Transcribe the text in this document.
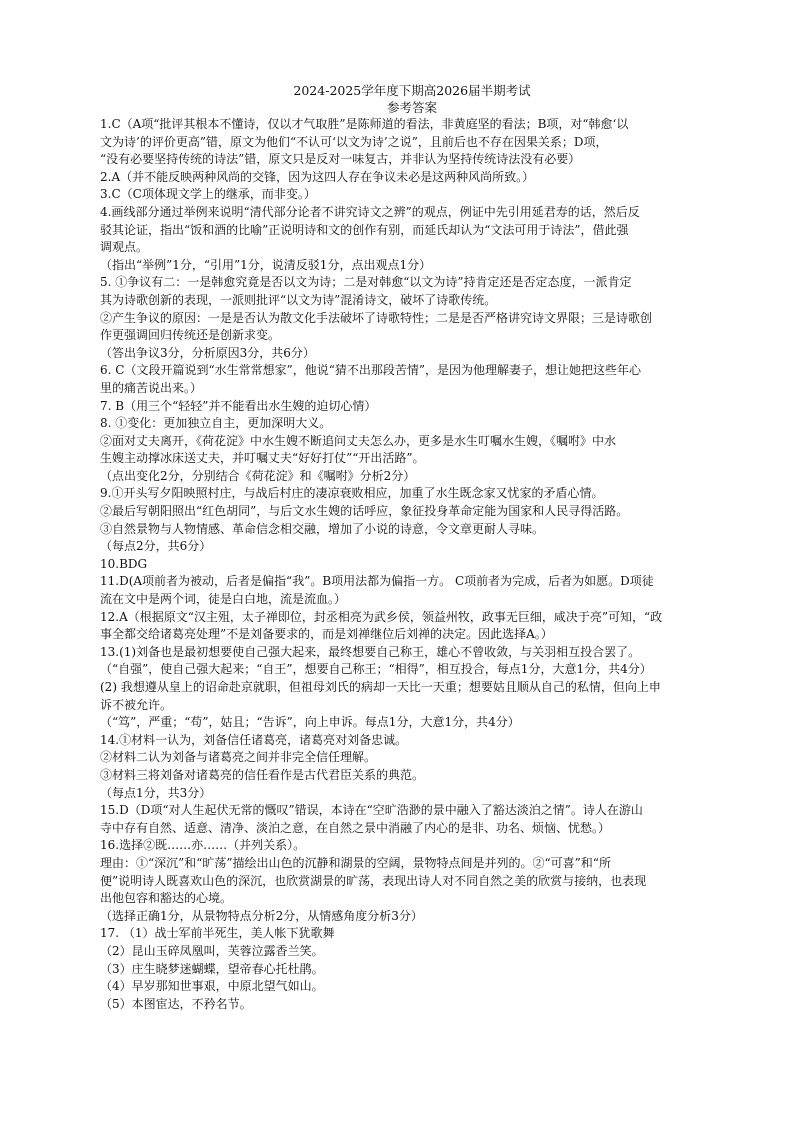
2024-2025学年度下期高2026届半期考试
参考答案
1.C（A项“批评其根本不懂诗，仅以才气取胜”是陈师道的看法，非黄庭坚的看法；B项，对“韩愈‘以
文为诗’的评价更高”错，原文为他们“不认可‘以文为诗’之说”，且前后也不存在因果关系；D项，
“没有必要坚持传统的诗法”错，原文只是反对一味复古，并非认为坚持传统诗法没有必要）
2.A（并不能反映两种风尚的交锋，因为这四人存在争议未必是这两种风尚所致。）
3.C（C项体现文学上的继承，而非变。）
4.画线部分通过举例来说明“清代部分论者不讲究诗文之辨”的观点，例证中先引用延君寿的话，然后反
驳其论证，指出“饭和酒的比喻”正说明诗和文的创作有别，而延氏却认为“文法可用于诗法”，借此强
调观点。
（指出“举例”1分，“引用”1分，说清反驳1分，点出观点1分）
5. ①争议有二：一是韩愈究竟是否以文为诗；二是对韩愈“以文为诗”持肯定还是否定态度，一派肯定
其为诗歌创新的表现，一派则批评“以文为诗”混淆诗文，破坏了诗歌传统。
②产生争议的原因：一是是否认为散文化手法破坏了诗歌特性；二是是否严格讲究诗文界限；三是诗歌创
作更强调回归传统还是创新求变。
（答出争议3分，分析原因3分，共6分）
6. C（文段开篇说到“水生常常想家”，他说“猜不出那段苦情”，是因为他理解妻子，想让她把这些年心
里的痛苦说出来。）
7. B（用三个“轻轻”并不能看出水生嫂的迫切心情）
8. ①变化：更加独立自主，更加深明大义。
②面对丈夫离开，《荷花淀》中水生嫂不断追问丈夫怎么办，更多是水生叮嘱水生嫂，《嘱咐》中水
生嫂主动撑冰床送丈夫，并叮嘱丈夫“好好打仗”“开出活路”。
（点出变化2分，分别结合《荷花淀》和《嘱咐》分析2分）
9.①开头写夕阳映照村庄，与战后村庄的凄凉衰败相应，加重了水生既念家又忧家的矛盾心情。
②最后写朝阳照出“红色胡同”，与后文水生嫂的话呼应，象征投身革命定能为国家和人民寻得活路。
③自然景物与人物情感、革命信念相交融，增加了小说的诗意，令文章更耐人寻味。
（每点2分，共6分）
10.BDG
11.D(A项前者为被动，后者是偏指“我”。B项用法都为偏指一方。 C项前者为完成，后者为如愿。D项徒
流在文中是两个词，徒是白白地，流是流血。）
12.A（根据原文“汉主殂，太子禅即位，封丞相亮为武乡侯，领益州牧，政事无巨细，咸决于亮”可知，“政
事全都交给诸葛亮处理”不是刘备要求的，而是刘禅继位后刘禅的决定。因此选择A。）
13.(1)刘备也是最初想要使自己强大起来，最终想要自己称王，雄心不曾收敛，与关羽相互投合罢了。
（“自强”，使自己强大起来；“自王”，想要自己称王；“相得”，相互投合，每点1分，大意1分，共4分）
(2) 我想遵从皇上的诏命赴京就职，但祖母刘氏的病却一天比一天重；想要姑且顺从自己的私情，但向上申
诉不被允许。
（“笃”，严重；“苟”，姑且；“告诉”，向上申诉。每点1分，大意1分，共4分）
14.①材料一认为，刘备信任诸葛亮，诸葛亮对刘备忠诚。
②材料二认为刘备与诸葛亮之间并非完全信任理解。
③材料三将刘备对诸葛亮的信任看作是古代君臣关系的典范。
（每点1分，共3分）
15.D（D项“对人生起伏无常的慨叹”错误，本诗在“空旷浩渺的景中融入了豁达淡泊之情”。诗人在游山
寺中存有自然、适意、清净、淡泊之意，在自然之景中消融了内心的是非、功名、烦恼、忧愁。）
16.选择②既……亦……（并列关系）。
理由：①“深沉”和“旷荡”描绘出山色的沉静和湖景的空阔，景物特点间是并列的。②“可喜”和“所
便”说明诗人既喜欢山色的深沉，也欣赏湖景的旷荡，表现出诗人对不同自然之美的欣赏与接纳，也表现
出他包容和豁达的心境。
（选择正确1分，从景物特点分析2分，从情感角度分析3分）
17. （1）战士军前半死生，美人帐下犹歌舞
（2）昆山玉碎凤凰叫，芙蓉泣露香兰笑。
（3）庄生晓梦迷蝴蝶，望帝春心托杜鹃。
（4）早岁那知世事艰，中原北望气如山。
（5）本图宦达，不矜名节。
